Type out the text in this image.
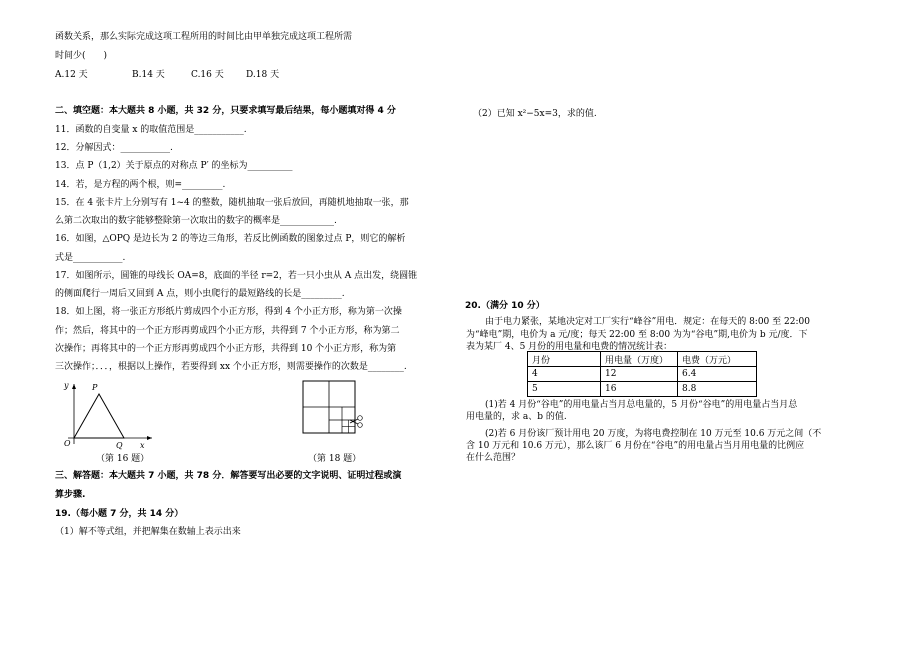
函数关系，那么实际完成这项工程所用的时间比由甲单独完成这项工程所需
时间少(　　)
A.12 天	B.14 天	C.16 天 D.18 天
二、填空题：本大题共 8 小题，共 32 分，只要求填写最后结果，每小题填对得 4 分
11．函数的自变量 x 的取值范围是___________.
12．分解因式：___________.
13．点 P（1,2）关于原点的对称点 P′ 的坐标为__________
14．若，是方程的两个根，则=_________.
15．在 4 张卡片上分别写有 1~4 的整数，随机抽取一张后放回，再随机地抽取一张，那
么第二次取出的数字能够整除第一次取出的数字的概率是____________.
16．如图，△OPQ 是边长为 2 的等边三角形，若反比例函数的图象过点 P，则它的解析
式是___________.
17．如图所示，圆锥的母线长 OA=8，底面的半径 r=2，若一只小虫从 A 点出发，绕圆锥
的侧面爬行一周后又回到 A 点，则小虫爬行的最短路线的长是_________.
18．如上图，将一张正方形纸片剪成四个小正方形，得到 4 个小正方形，称为第一次操
作；然后，将其中的一个正方形再剪成四个小正方形，共得到 7 个小正方形，称为第二
次操作；再将其中的一个正方形再剪成四个小正方形，共得到 10 个小正方形，称为第
三次操作；．．．，根据以上操作，若要得到 xx 个小正方形，则需要操作的次数是________.
y	P
O	Q x
（第 16 题）	（第 18 题）
三、解答题：本大题共 7 小题，共 78 分．解答要写出必要的文字说明、证明过程或演
算步骤.
19.（每小题 7 分，共 14 分）
（1）解不等式组，并把解集在数轴上表示出来
（2）已知 x²−5x=3，求的值.
20.（满分 10 分）
由于电力紧张，某地决定对工厂实行“峰谷”用电．规定：在每天的 8:00 至 22:00
为“峰电”期，电价为 a 元/度；每天 22:00 至 8:00 为为“谷电”期,电价为 b 元/度．下
表为某厂 4、5 月份的用电量和电费的情况统计表：
月份	用电量（万度）	电费（万元）
4	12	6.4
5	16	8.8
(1)若 4 月份“谷电”的用电量占当月总电量的，5 月份“谷电”的用电量占当月总
用电量的，求 a、b 的值.
(2)若 6 月份该厂预计用电 20 万度，为将电费控制在 10 万元至 10.6 万元之间（不
含 10 万元和 10.6 万元），那么该厂 6 月份在“谷电”的用电量占当月用电量的比例应
在什么范围？
